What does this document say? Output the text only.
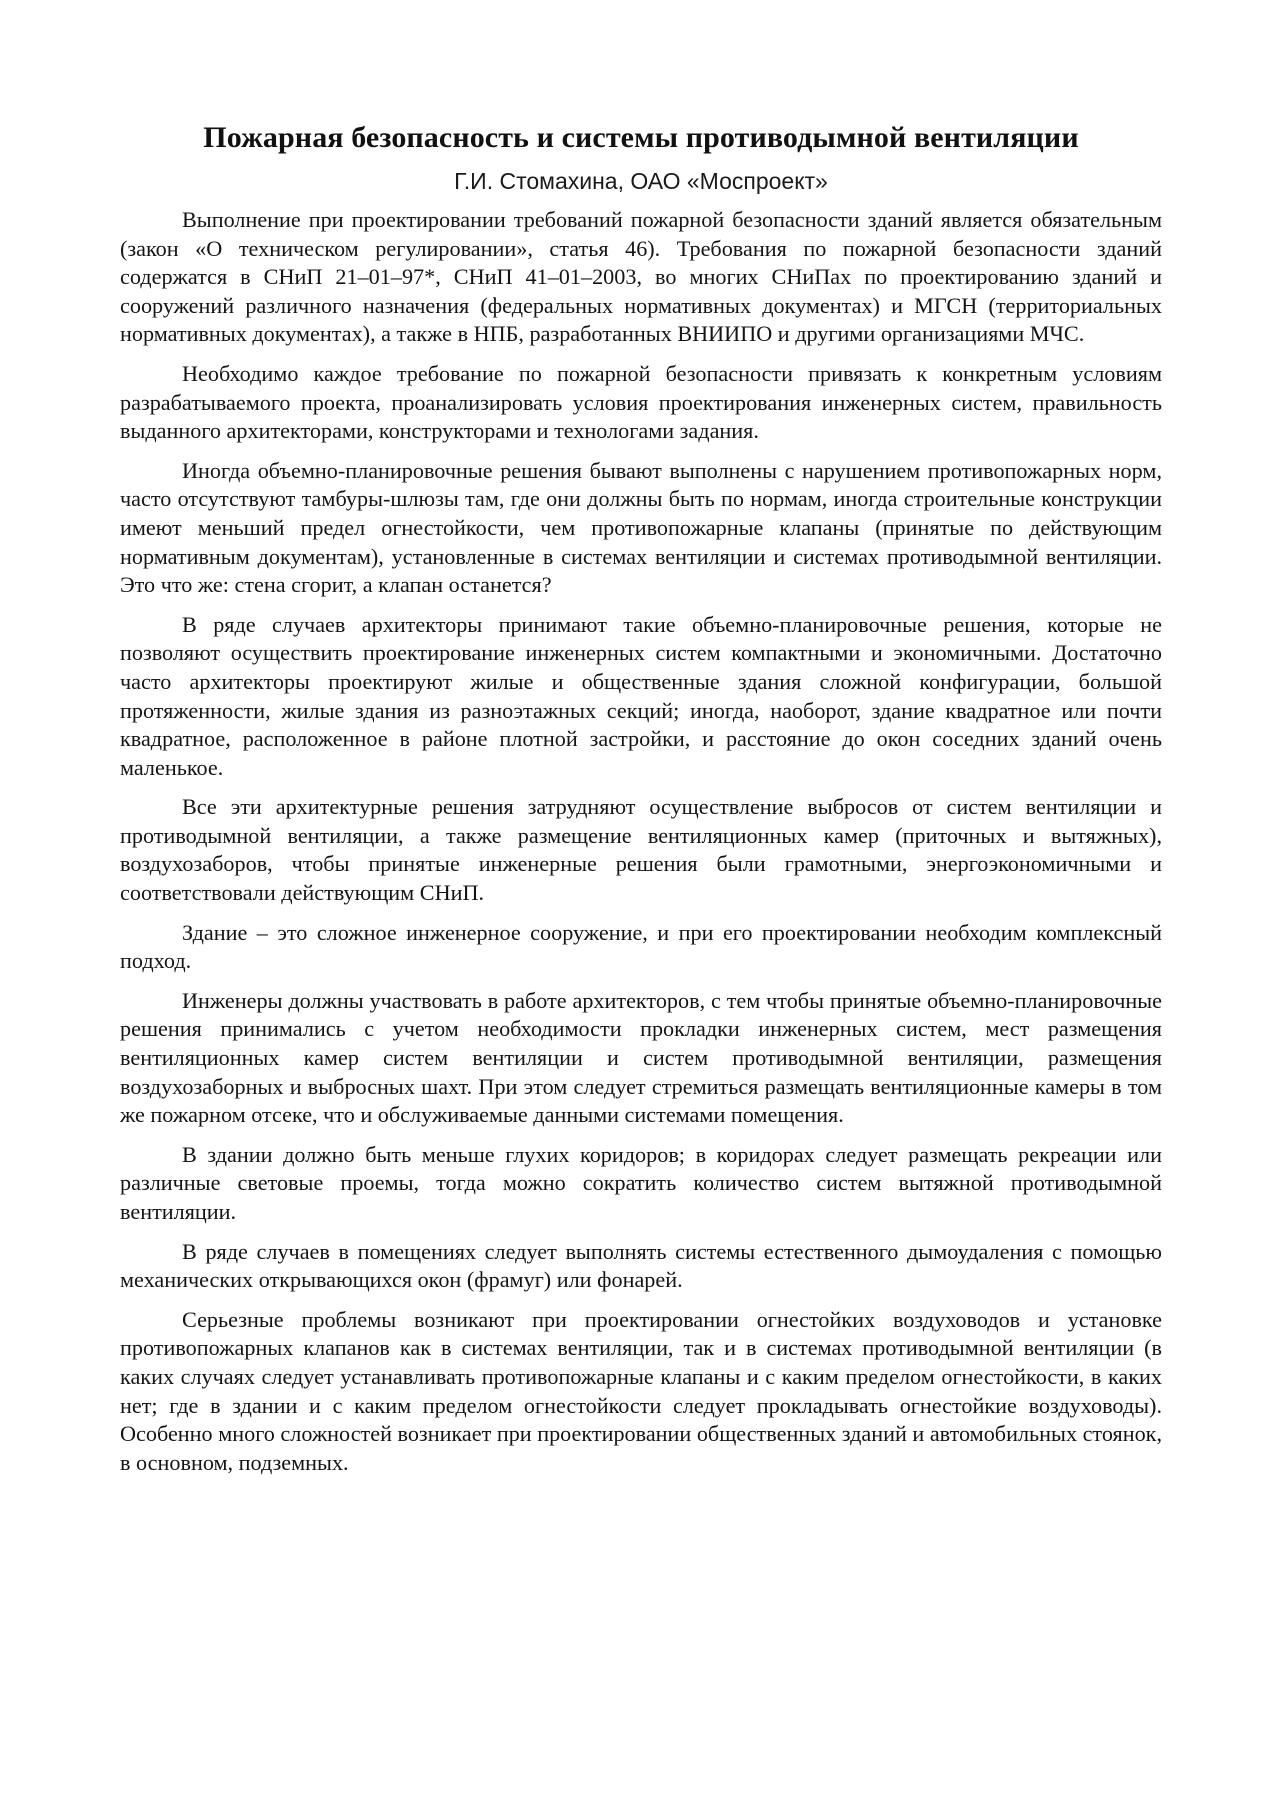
Пожарная безопасность и системы противодымной вентиляции
Г.И. Стомахина, ОАО «Моспроект»

Выполнение при проектировании требований пожарной безопасности зданий является обязательным (закон «О техническом регулировании», статья 46). Требования по пожарной безопасности зданий содержатся в СНиП 21–01–97*, СНиП 41–01–2003, во многих СНиПах по проектированию зданий и сооружений различного назначения (федеральных нормативных документах) и МГСН (территориальных нормативных документах), а также в НПБ, разработанных ВНИИПО и другими организациями МЧС.

Необходимо каждое требование по пожарной безопасности привязать к конкретным условиям разрабатываемого проекта, проанализировать условия проектирования инженерных систем, правильность выданного архитекторами, конструкторами и технологами задания.

Иногда объемно-планировочные решения бывают выполнены с нарушением противопожарных норм, часто отсутствуют тамбуры-шлюзы там, где они должны быть по нормам, иногда строительные конструкции имеют меньший предел огнестойкости, чем противопожарные клапаны (принятые по действующим нормативным документам), установленные в системах вентиляции и системах противодымной вентиляции. Это что же: стена сгорит, а клапан останется?

В ряде случаев архитекторы принимают такие объемно-планировочные решения, которые не позволяют осуществить проектирование инженерных систем компактными и экономичными. Достаточно часто архитекторы проектируют жилые и общественные здания сложной конфигурации, большой протяженности, жилые здания из разноэтажных секций; иногда, наоборот, здание квадратное или почти квадратное, расположенное в районе плотной застройки, и расстояние до окон соседних зданий очень маленькое.

Все эти архитектурные решения затрудняют осуществление выбросов от систем вентиляции и противодымной вентиляции, а также размещение вентиляционных камер (приточных и вытяжных), воздухозаборов, чтобы принятые инженерные решения были грамотными, энергоэкономичными и соответствовали действующим СНиП.

Здание – это сложное инженерное сооружение, и при его проектировании необходим комплексный подход.

Инженеры должны участвовать в работе архитекторов, с тем чтобы принятые объемно-планировочные решения принимались с учетом необходимости прокладки инженерных систем, мест размещения вентиляционных камер систем вентиляции и систем противодымной вентиляции, размещения воздухозаборных и выбросных шахт. При этом следует стремиться размещать вентиляционные камеры в том же пожарном отсеке, что и обслуживаемые данными системами помещения.

В здании должно быть меньше глухих коридоров; в коридорах следует размещать рекреации или различные световые проемы, тогда можно сократить количество систем вытяжной противодымной вентиляции.

В ряде случаев в помещениях следует выполнять системы естественного дымоудаления с помощью механических открывающихся окон (фрамуг) или фонарей.

Серьезные проблемы возникают при проектировании огнестойких воздуховодов и установке противопожарных клапанов как в системах вентиляции, так и в системах противодымной вентиляции (в каких случаях следует устанавливать противопожарные клапаны и с каким пределом огнестойкости, в каких нет; где в здании и с каким пределом огнестойкости следует прокладывать огнестойкие воздуховоды). Особенно много сложностей возникает при проектировании общественных зданий и автомобильных стоянок, в основном, подземных.
